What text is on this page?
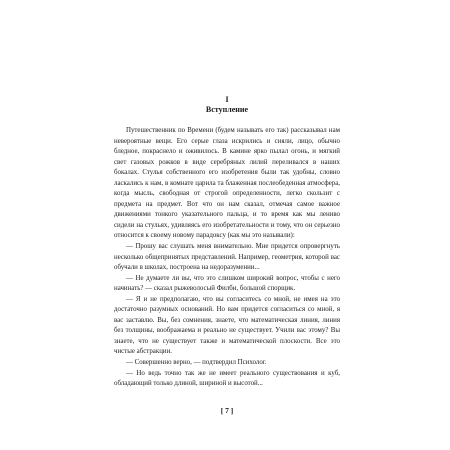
I
Вступление

Путешественник по Времени (будем называть его так) рассказывал нам невероятные вещи. Его серые глаза искрились и сияли, лицо, обычно бледное, покраснело и оживилось. В камине ярко пылал огонь, и мягкий свет газовых рожков в виде серебряных лилий переливался в наших бокалах. Стулья собственного его изобретения были так удобны, словно ласкались к нам, в комнате царила та блаженная послеобеденная атмосфера, когда мысль, свободная от строгой определенности, легко скользит с предмета на предмет. Вот что он нам сказал, отмечая самое важное движениями тонкого указательного пальца, и то время как мы лениво сидели на стульях, удивляясь его изобретательности и тому, что он серьезно относится к своему новому парадоксу (как мы это называли):

— Прошу вас слушать меня внимательно. Мне придется опровергнуть несколько общепринятых представлений. Например, геометрия, которой вас обучали в школах, построена на недоразумении...

— Не думаете ли вы, что это слишком широкий вопрос, чтобы с него начинать? — сказал рыжеволосый Филби, большой спорщик.

— Я и не предполагаю, что вы согласитесь со мной, не имея на это достаточно разумных оснований. Но вам придется согласиться со мной, я вас заставлю. Вы, без сомнения, знаете, что математическая линия, линия без толщины, воображаема и реально не существует. Учили вас этому? Вы знаете, что не существует также и математической плоскости. Все это чистые абстракции.

— Совершенно верно, — подтвердил Психолог.

— Но ведь точно так же не имеет реального существования и куб, обладающий только длиной, шириной и высотой...

[ 7 ]
